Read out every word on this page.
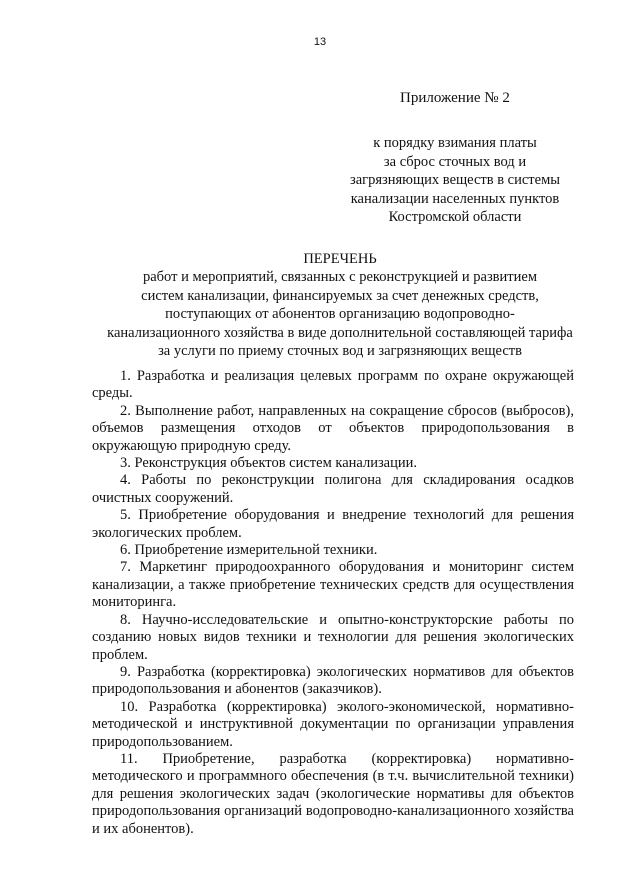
13
Приложение № 2
к порядку взимания платы
за сброс сточных вод и
загрязняющих веществ в системы
канализации населенных пунктов
Костромской области
ПЕРЕЧЕНЬ
работ и мероприятий, связанных с реконструкцией и развитием
систем канализации, финансируемых за счет денежных средств,
поступающих от абонентов организацию водопроводно-
канализационного хозяйства в виде дополнительной составляющей тарифа
за услуги по приему сточных вод и загрязняющих веществ

1. Разработка и реализация целевых программ по охране окружающей среды.

2. Выполнение работ, направленных на сокращение сбросов (выбросов), объемов размещения отходов от объектов природопользования в окружающую природную среду.

3. Реконструкция объектов систем канализации.

4. Работы по реконструкции полигона для складирования осадков очистных сооружений.

5. Приобретение оборудования и внедрение технологий для решения экологических проблем.

6. Приобретение измерительной техники.

7. Маркетинг природоохранного оборудования и мониторинг систем канализации, а также приобретение технических средств для осуществления мониторинга.

8. Научно-исследовательские и опытно-конструкторские работы по созданию новых видов техники и технологии для решения экологических проблем.

9. Разработка (корректировка) экологических нормативов для объектов природопользования и абонентов (заказчиков).

10. Разработка (корректировка) эколого-экономической, нормативно-методической и инструктивной документации по организации управления природопользованием.

11. Приобретение, разработка (корректировка) нормативно-методического и программного обеспечения (в т.ч. вычислительной техники) для решения экологических задач (экологические нормативы для объектов природопользования организаций водопроводно-канализационного хозяйства и их абонентов).
